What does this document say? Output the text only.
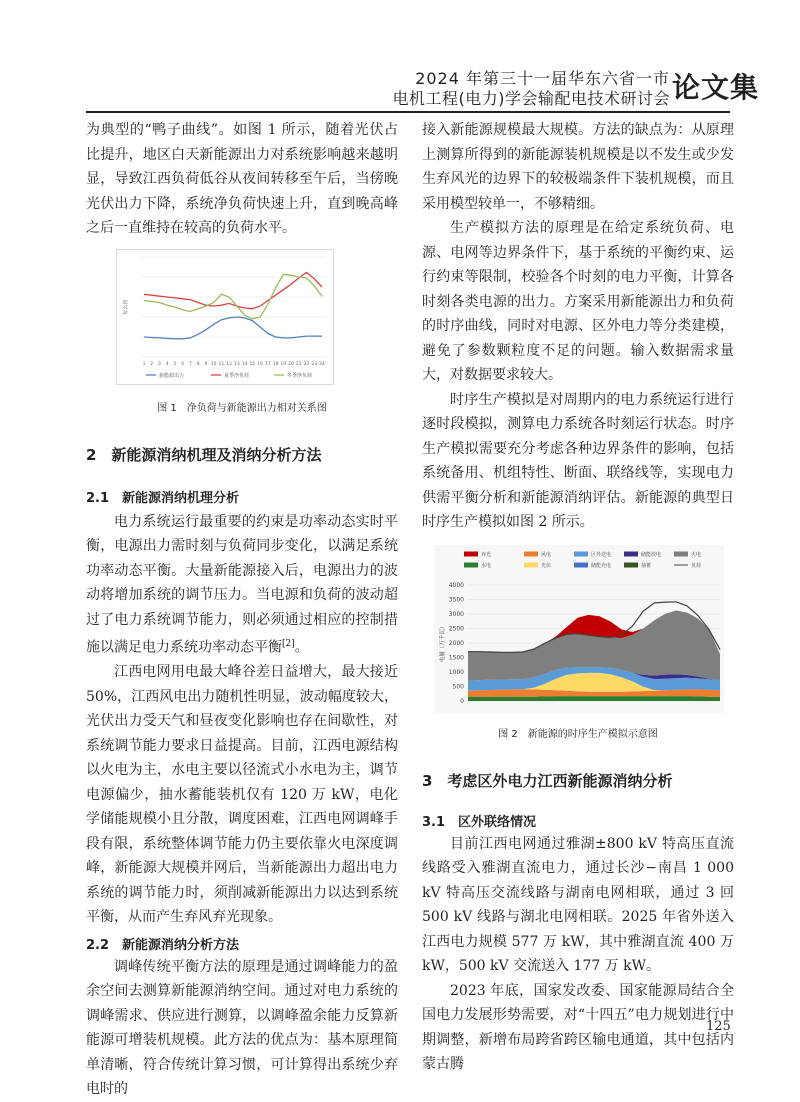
2024 年第三十一届华东六省一市
电机工程(电力)学会输配电技术研讨会 论文集

为典型的“鸭子曲线”。如图 1 所示，随着光伏占比提升，地区白天新能源出力对系统影响越来越明显，导致江西负荷低谷从夜间转移至午后，当傍晚光伏出力下降，系统净负荷快速上升，直到晚高峰之后一直维持在较高的负荷水平。

标幺值
1 2 3 4 5 6 7 8 9 10 11 12 13 14 15 16 17 18 19 20 21 22 23 24
新能源出力	夏季净负荷	冬季净负荷
图 1　净负荷与新能源出力相对关系图
2　新能源消纳机理及消纳分析方法
2.1　新能源消纳机理分析

电力系统运行最重要的约束是功率动态实时平衡，电源出力需时刻与负荷同步变化，以满足系统功率动态平衡。大量新能源接入后，电源出力的波动将增加系统的调节压力。当电源和负荷的波动超过了电力系统调节能力，则必须通过相应的控制措施以满足电力系统功率动态平衡[2]。

江西电网用电最大峰谷差日益增大，最大接近 50%，江西风电出力随机性明显，波动幅度较大，光伏出力受天气和昼夜变化影响也存在间歇性，对系统调节能力要求日益提高。目前，江西电源结构以火电为主，水电主要以径流式小水电为主，调节电源偏少，抽水蓄能装机仅有 120 万 kW，电化学储能规模小且分散，调度困难，江西电网调峰手段有限，系统整体调节能力仍主要依靠火电深度调峰，新能源大规模并网后，当新能源出力超出电力系统的调节能力时，须削减新能源出力以达到系统平衡，从而产生弃风弃光现象。

2.2　新能源消纳分析方法

调峰传统平衡方法的原理是通过调峰能力的盈余空间去测算新能源消纳空间。通过对电力系统的调峰需求、供应进行测算，以调峰盈余能力反算新能源可增装机规模。此方法的优点为：基本原理简单清晰，符合传统计算习惯，可计算得出系统少弃电时的

接入新能源规模最大规模。方法的缺点为：从原理上测算所得到的新能源装机规模是以不发生或少发生弃风光的边界下的较极端条件下装机规模，而且采用模型较单一，不够精细。

生产模拟方法的原理是在给定系统负荷、电源、电网等边界条件下，基于系统的平衡约束、运行约束等限制，校验各个时刻的电力平衡，计算各时刻各类电源的出力。方案采用新能源出力和负荷的时序曲线，同时对电源、区外电力等分类建模，避免了参数颗粒度不足的问题。输入数据需求量大，对数据要求较大。

时序生产模拟是对周期内的电力系统运行进行逐时段模拟，测算电力系统各时刻运行状态。时序生产模拟需要充分考虑各种边界条件的影响，包括系统备用、机组特性、断面、联络线等，实现电力供需平衡分析和新能源消纳评估。新能源的典型日时序生产模拟如图 2 所示。

0
500
1000
1500
2000
2500
3000
3500
4000
电量（万千瓦）
弃光	风电	区外送电	储能放电	火电
水电	光伏	储能充电	抽蓄	负荷
图 2　新能源的时序生产模拟示意图
3　考虑区外电力江西新能源消纳分析
3.1　区外联络情况

目前江西电网通过雅湖±800 kV 特高压直流线路受入雅湖直流电力，通过长沙−南昌 1 000 kV 特高压交流线路与湖南电网相联，通过 3 回 500 kV 线路与湖北电网相联。2025 年省外送入江西电力规模 577 万 kW，其中雅湖直流 400 万 kW，500 kV 交流送入 177 万 kW。

2023 年底，国家发改委、国家能源局结合全国电力发展形势需要，对“十四五”电力规划进行中期调整，新增布局跨省跨区输电通道，其中包括内蒙古腾

125
